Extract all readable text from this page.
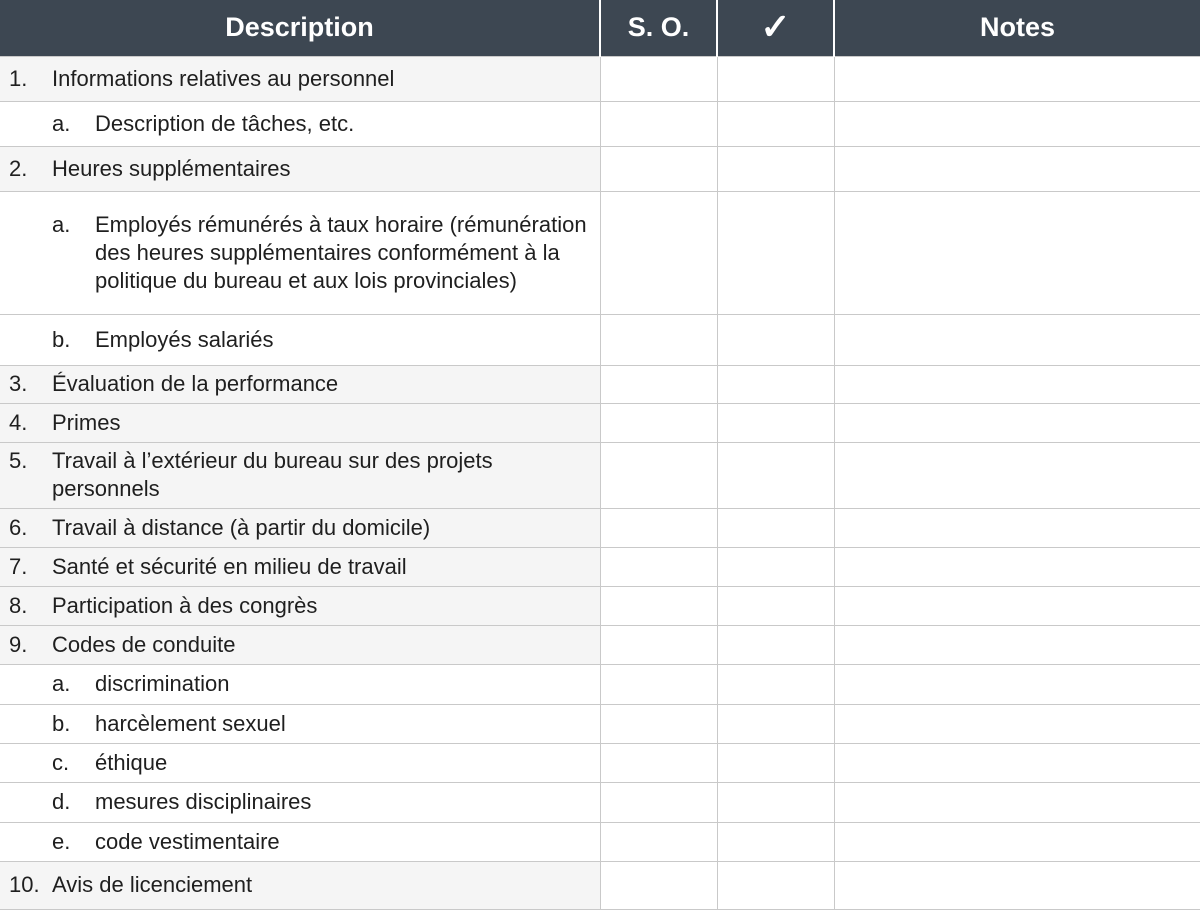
Description	S. O.	✓	Notes

1. Informations relatives au personnel			

a. Description de tâches, etc.			

2. Heures supplémentaires			

a. Employés rémunérés à taux horaire (rémunération des heures supplémentaires conformément à la politique du bureau et aux lois provinciales)			

b. Employés salariés			

3. Évaluation de la performance			

4. Primes			

5. Travail à l’extérieur du bureau sur des projets personnels			

6. Travail à distance (à partir du domicile)			

7. Santé et sécurité en milieu de travail			

8. Participation à des congrès			

9. Codes de conduite			

a. discrimination			

b. harcèlement sexuel			

c. éthique			

d. mesures disciplinaires			

e. code vestimentaire			

10. Avis de licenciement			
